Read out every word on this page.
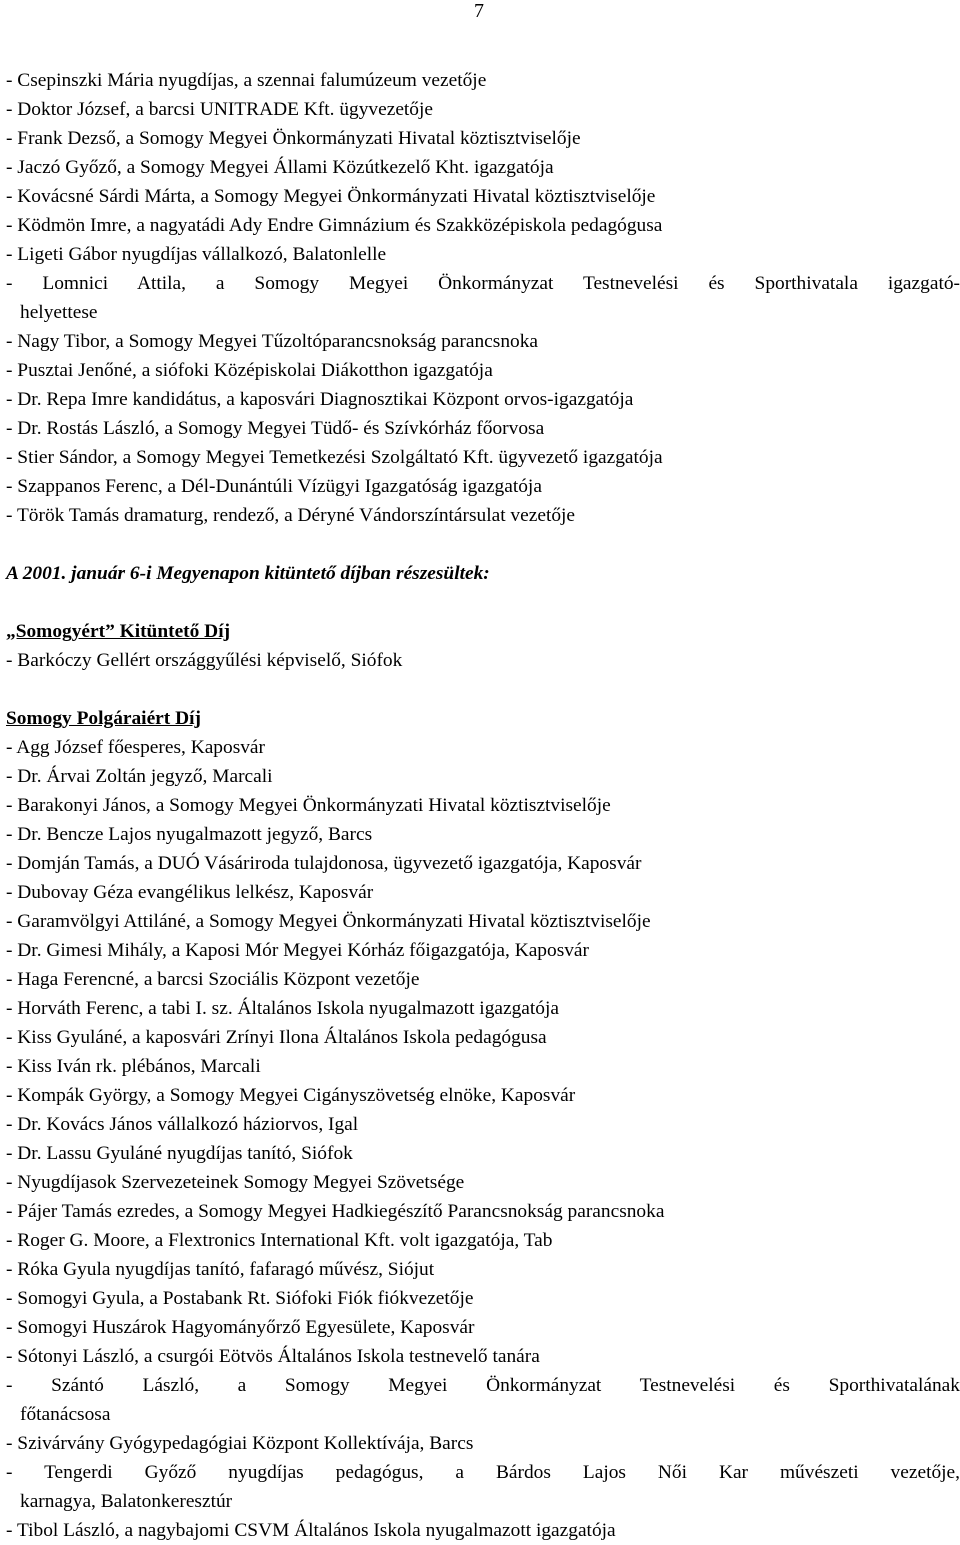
7
- Csepinszki Mária nyugdíjas, a szennai falumúzeum vezetője
- Doktor József, a barcsi UNITRADE Kft. ügyvezetője
- Frank Dezső, a Somogy Megyei Önkormányzati Hivatal köztisztviselője
- Jaczó Győző, a Somogy Megyei Állami Közútkezelő Kht. igazgatója
- Kovácsné Sárdi Márta, a Somogy Megyei Önkormányzati Hivatal köztisztviselője
- Ködmön Imre, a nagyatádi Ady Endre Gimnázium és Szakközépiskola pedagógusa
- Ligeti Gábor nyugdíjas vállalkozó, Balatonlelle
- Lomnici Attila, a Somogy Megyei Önkormányzat Testnevelési és Sporthivatala igazgató-
helyettese
- Nagy Tibor, a Somogy Megyei Tűzoltóparancsnokság parancsnoka
- Pusztai Jenőné, a siófoki Középiskolai Diákotthon igazgatója
- Dr. Repa Imre kandidátus, a kaposvári Diagnosztikai Központ orvos-igazgatója
- Dr. Rostás László, a Somogy Megyei Tüdő- és Szívkórház főorvosa
- Stier Sándor, a Somogy Megyei Temetkezési Szolgáltató Kft. ügyvezető igazgatója
- Szappanos Ferenc, a Dél-Dunántúli Vízügyi Igazgatóság igazgatója
- Török Tamás dramaturg, rendező, a Déryné Vándorszíntársulat vezetője
A 2001. január 6-i Megyenapon kitüntető díjban részesültek:
„Somogyért” Kitüntető Díj
- Barkóczy Gellért országgyűlési képviselő, Siófok
Somogy Polgáraiért Díj
- Agg József főesperes, Kaposvár
- Dr. Árvai Zoltán jegyző, Marcali
- Barakonyi János, a Somogy Megyei Önkormányzati Hivatal köztisztviselője
- Dr. Bencze Lajos nyugalmazott jegyző, Barcs
- Domján Tamás, a DUÓ Vásáriroda tulajdonosa, ügyvezető igazgatója, Kaposvár
- Dubovay Géza evangélikus lelkész, Kaposvár
- Garamvölgyi Attiláné, a Somogy Megyei Önkormányzati Hivatal köztisztviselője
- Dr. Gimesi Mihály, a Kaposi Mór Megyei Kórház főigazgatója, Kaposvár
- Haga Ferencné, a barcsi Szociális Központ vezetője
- Horváth Ferenc, a tabi I. sz. Általános Iskola nyugalmazott igazgatója
- Kiss Gyuláné, a kaposvári Zrínyi Ilona Általános Iskola pedagógusa
- Kiss Iván rk. plébános, Marcali
- Kompák György, a Somogy Megyei Cigányszövetség elnöke, Kaposvár
- Dr. Kovács János vállalkozó háziorvos, Igal
- Dr. Lassu Gyuláné nyugdíjas tanító, Siófok
- Nyugdíjasok Szervezeteinek Somogy Megyei Szövetsége
- Pájer Tamás ezredes, a Somogy Megyei Hadkiegészítő Parancsnokság parancsnoka
- Roger G. Moore, a Flextronics International Kft. volt igazgatója, Tab
- Róka Gyula nyugdíjas tanító, fafaragó művész, Siójut
- Somogyi Gyula, a Postabank Rt. Siófoki Fiók fiókvezetője
- Somogyi Huszárok Hagyományőrző Egyesülete, Kaposvár
- Sótonyi László, a csurgói Eötvös Általános Iskola testnevelő tanára
- Szántó László, a Somogy Megyei Önkormányzat Testnevelési és Sporthivatalának
főtanácsosa
- Szivárvány Gyógypedagógiai Központ Kollektívája, Barcs
- Tengerdi Győző nyugdíjas pedagógus, a Bárdos Lajos Női Kar művészeti vezetője,
karnagya, Balatonkeresztúr
- Tibol László, a nagybajomi CSVM Általános Iskola nyugalmazott igazgatója
